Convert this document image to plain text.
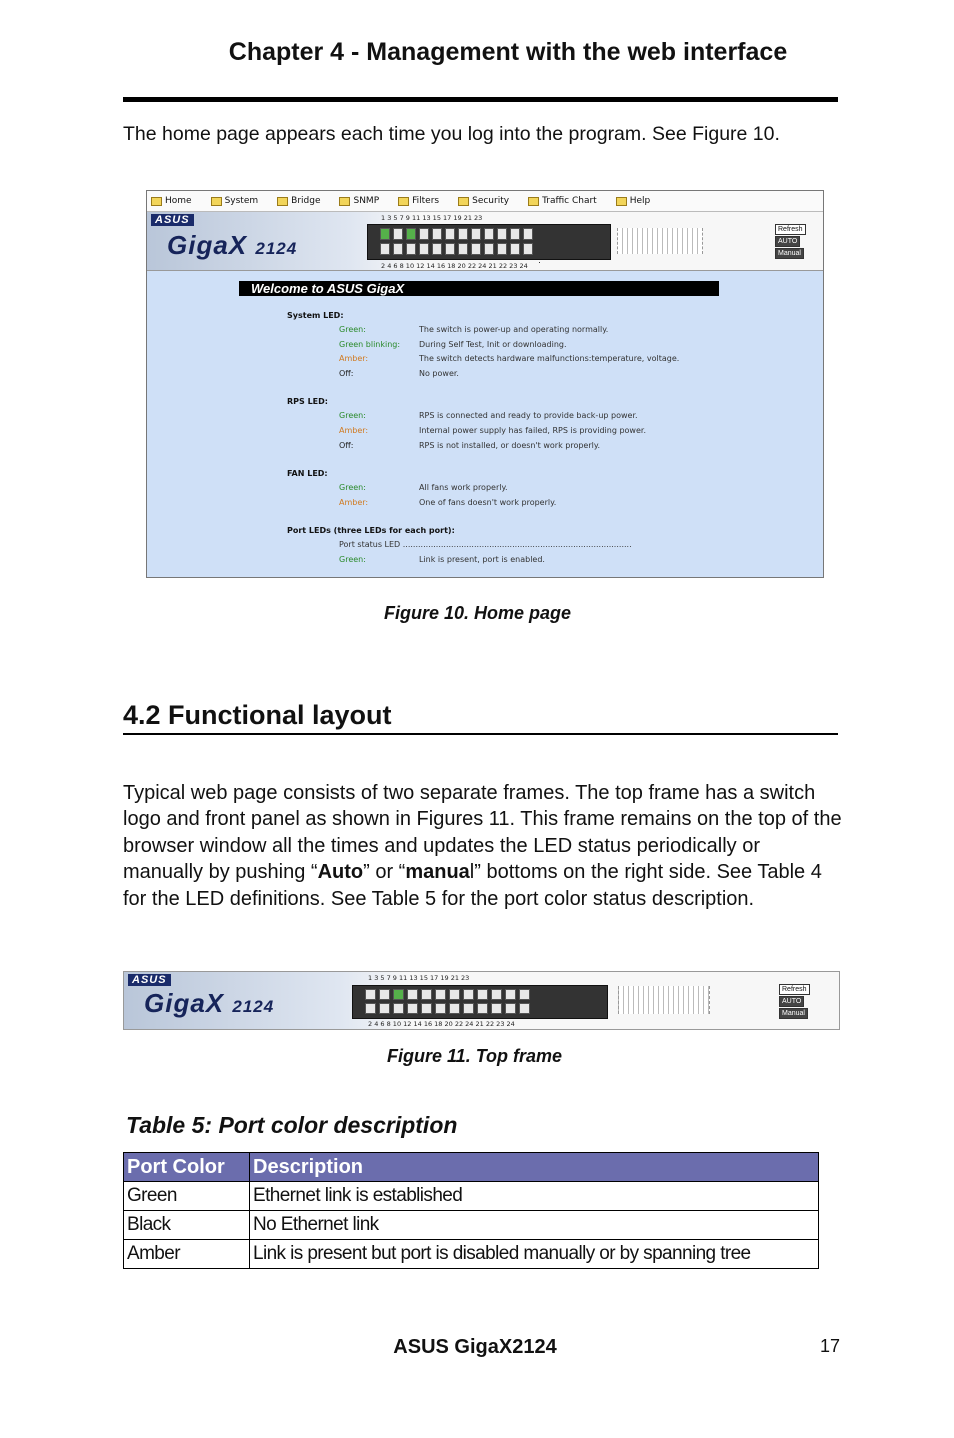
Chapter 4 - Management with the web interface
The home page appears each time you log into the program. See Figure 10.
Home	System	Bridge	SNMP	Filters	Security	Traffic Chart	Help
ASUS
GigaX 2124
1 3 5 7 9 11 13 15 17 19 21 23
2 4 6 8 10 12 14 16 18 20 22 24 21 22 23 24
Refresh
AUTO
Manual
Welcome to ASUS GigaX
System LED:
Green:	The switch is power-up and operating normally.
Green blinking:	During Self Test, Init or downloading.
Amber:	The switch detects hardware malfunctions:temperature, voltage.
Off:	No power.
RPS LED:
Green:	RPS is connected and ready to provide back-up power.
Amber:	Internal power supply has failed, RPS is providing power.
Off:	RPS is not installed, or doesn't work properly.
FAN LED:
Green:	All fans work properly.
Amber:	One of fans doesn't work properly.
Port LEDs (three LEDs for each port):
Port status LED ..........................................................................................
Green:	Link is present, port is enabled.
Figure 10. Home page
4.2 Functional layout
Typical web page consists of two separate frames. The top frame has a switch logo and front panel as shown in Figures 11. This frame remains on the top of the browser window all the times and updates the LED status periodically or manually by pushing “Auto” or “manual” bottoms on the right side. See Table 4 for the LED definitions. See Table 5 for the port color status description.
ASUS
GigaX 2124
1 3 5 7 9 11 13 15 17 19 21 23
2 4 6 8 10 12 14 16 18 20 22 24 21 22 23 24
Refresh
AUTO
Manual
Figure 11. Top frame
Table 5: Port color description
Port Color	Description
Green	Ethernet link is established
Black	No Ethernet link
Amber	Link is present but port is disabled manually or by spanning tree
ASUS GigaX2124	17
